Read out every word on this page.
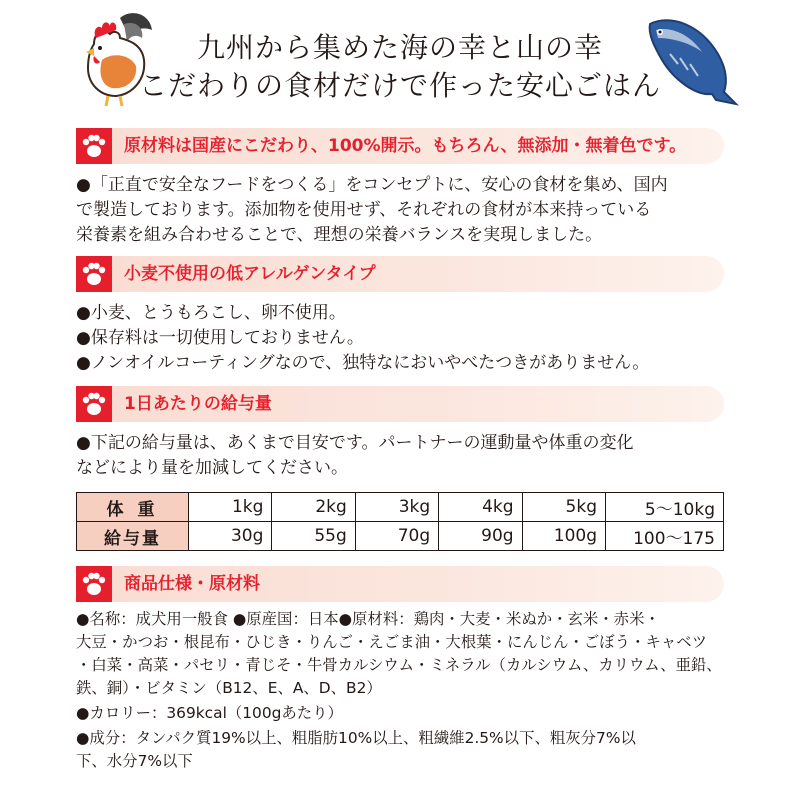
九州から集めた海の幸と山の幸
こだわりの食材だけで作った安心ごはん
原材料は国産にこだわり、100%開示。もちろん、無添加・無着色です。
●「正直で安全なフードをつくる」をコンセプトに、安心の食材を集め、国内
で製造しております。添加物を使用せず、それぞれの食材が本来持っている
栄養素を組み合わせることで、理想の栄養バランスを実現しました。
小麦不使用の低アレルゲンタイプ
●小麦、とうもろこし、卵不使用。
●保存料は一切使用しておりません。
●ノンオイルコーティングなので、独特なにおいやべたつきがありません。
1日あたりの給与量
●下記の給与量は、あくまで目安です。パートナーの運動量や体重の変化
などにより量を加減してください。
体 重	1kg	2kg	3kg	4kg	5kg	5〜10kg
給与量	30g	55g	70g	90g	100g	100〜175
商品仕様・原材料
●名称：成犬用一般食 ●原産国：日本●原材料：鶏肉・大麦・米ぬか・玄米・赤米・
大豆・かつお・根昆布・ひじき・りんご・えごま油・大根葉・にんじん・ごぼう・キャベツ
・白菜・高菜・パセリ・青じそ・牛骨カルシウム・ミネラル（カルシウム、カリウム、亜鉛、
鉄、銅）・ビタミン（B12、E、A、D、B2）
●カロリー：369kcal（100gあたり）
●成分：タンパク質19%以上、粗脂肪10%以上、粗繊維2.5%以下、粗灰分7%以
下、水分7%以下
